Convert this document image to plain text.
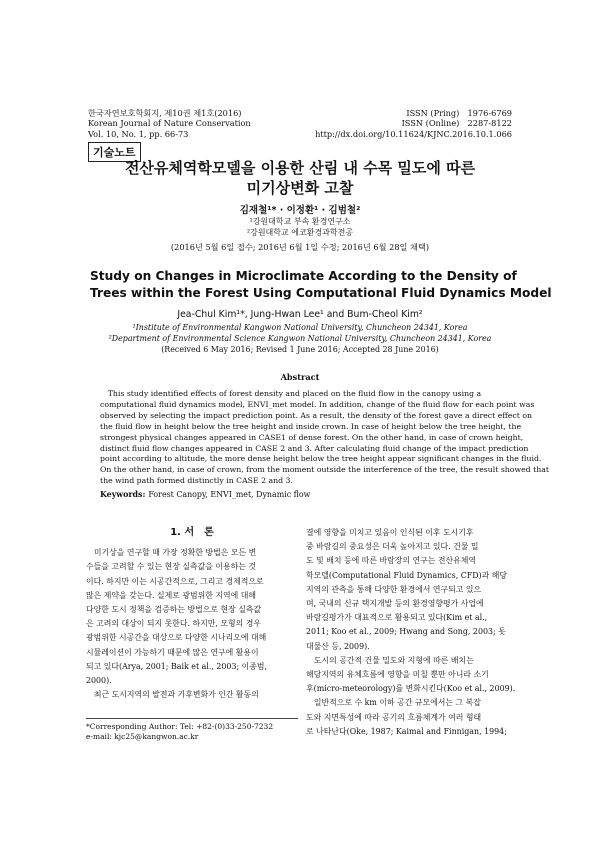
한국자연보호학회지, 제10권 제1호(2016)
Korean Journal of Nature Conservation
Vol. 10, No. 1, pp. 66-73
ISSN (Pring)　1976-6769
ISSN (Online)　2287-8122
http://dx.doi.org/10.11624/KJNC.2016.10.1.066
기술노트
전산유체역학모델을 이용한 산림 내 수목 밀도에 따른
미기상변화 고찰
김재철¹* · 이정환¹ · 김범철²
¹강원대학교 부속 환경연구소
²강원대학교 에코환경과학전공
(2016년 5월 6일 접수; 2016년 6월 1일 수정; 2016년 6월 28일 채택)
Study on Changes in Microclimate According to the Density of
Trees within the Forest Using Computational Fluid Dynamics Model
Jea-Chul Kim¹*, Jung-Hwan Lee¹ and Bum-Cheol Kim²
¹Institute of Environmental Kangwon National University, Chuncheon 24341, Korea
²Department of Environmental Science Kangwon National University, Chuncheon 24341, Korea
(Received 6 May 2016; Revised 1 June 2016; Accepted 28 June 2016)
Abstract
　This study identified effects of forest density and placed on the fluid flow in the canopy using a
computational fluid dynamics model, ENVI_met model. In addition, change of the fluid flow for each point was
observed by selecting the impact prediction point. As a result, the density of the forest gave a direct effect on
the fluid flow in height below the tree height and inside crown. In case of height below the tree height, the
strongest physical changes appeared in CASE1 of dense forest. On the other hand, in case of crown height,
distinct fluid flow changes appeared in CASE 2 and 3. After calculating fluid change of the impact prediction
point according to altitude, the more dense height below the tree height appear significant changes in the fluid.
On the other hand, in case of crown, from the moment outside the interference of the tree, the result showed that
the wind path formed distinctly in CASE 2 and 3.
Keywords: Forest Canopy, ENVI_met, Dynamic flow
1. 서　론
　미기상을 연구할 때 가장 정확한 방법은 모든 변
수들을 고려할 수 있는 현장 실측값을 이용하는 것
이다. 하지만 이는 시공간적으로, 그리고 경제적으로
많은 제약을 갖는다. 실제로 광범위한 지역에 대해
다양한 도시 정책을 검증하는 방법으로 현장 실측값
은 고려의 대상이 되지 못한다. 하지만, 모형의 경우
광범위한 시공간을 대상으로 다양한 시나리오에 대해
시뮬레이션이 가능하기 때문에 많은 연구에 활용이
되고 있다(Arya, 2001; Baik et al., 2003; 이종범,
2000).
　최근 도시지역의 발전과 기후변화가 인간 활동의
결에 영향을 미치고 있음이 인식된 이후 도시기후
중 바람길의 중요성은 더욱 높아지고 있다. 건물 밀
도 및 배치 등에 따른 바람장의 연구는 전산유체역
학모델(Computational Fluid Dynamics, CFD)과 해당
지역의 관측을 통해 다양한 환경에서 연구되고 있으
며, 국내의 신규 택지개발 등의 환경영향평가 사업에
바람길평가가 대표적으로 활용되고 있다(Kim et al.,
2011; Koo et al., 2009; Hwang and Song, 2003; 돗
대물산 등, 2009).
　도시의 공간적 건물 밀도와 지형에 따른 배치는
해당지역의 유체흐름에 영향을 미칠 뿐만 아니라 소기
후(micro-meteorology)를 변화시킨다(Koo et al., 2009).
　일반적으로 수 km 이하 공간 규모에서는 그 복잡
도와 지면특성에 따라 공기의 흐름체계가 여러 형태
로 나타난다(Oke, 1987; Kaimal and Finnigan, 1994;
*Corresponding Author: Tel: +82-(0)33-250-7232
e-mail: kjc25@kangwon.ac.kr
